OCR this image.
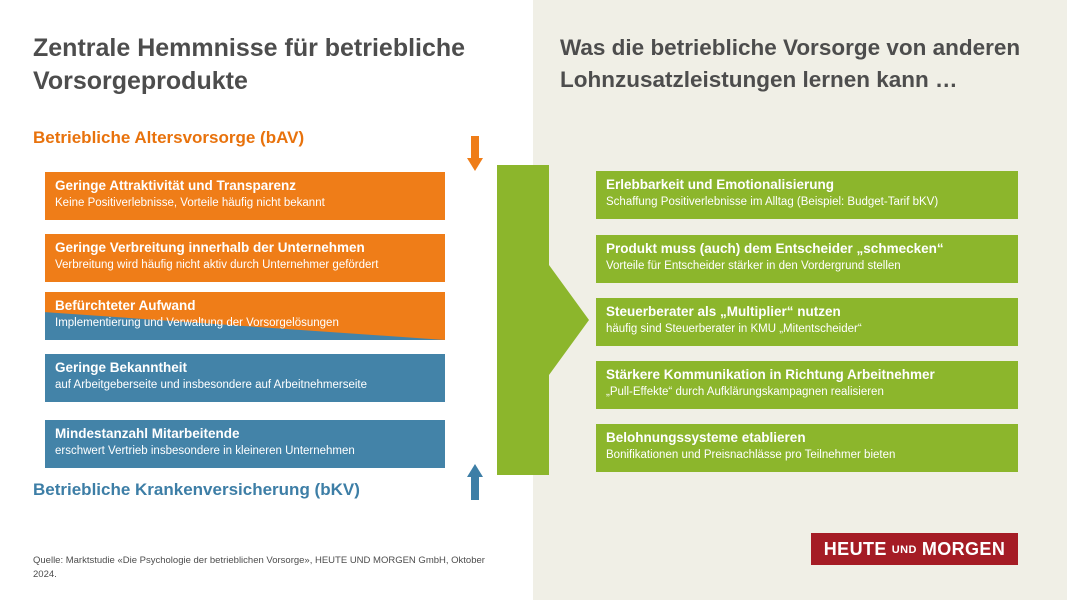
Zentrale Hemmnisse für betriebliche Vorsorgeprodukte
Betriebliche Altersvorsorge (bAV)
Geringe Attraktivität und Transparenz
Keine Positiverlebnisse, Vorteile häufig nicht bekannt
Geringe Verbreitung innerhalb der Unternehmen
Verbreitung wird häufig nicht aktiv durch Unternehmer gefördert
Befürchteter Aufwand
Implementierung und Verwaltung der Vorsorgelösungen
Geringe Bekanntheit
auf Arbeitgeberseite und insbesondere auf Arbeitnehmerseite
Mindestanzahl Mitarbeitende
erschwert Vertrieb insbesondere in kleineren Unternehmen
Betriebliche Krankenversicherung (bKV)
Quelle: Marktstudie «Die Psychologie der betrieblichen Vorsorge», HEUTE UND MORGEN GmbH, Oktober 2024.
Was die betriebliche Vorsorge von anderen Lohnzusatzleistungen lernen kann …
Erlebbarkeit und Emotionalisierung
Schaffung Positiverlebnisse im Alltag (Beispiel: Budget-Tarif bKV)
Produkt muss (auch) dem Entscheider „schmecken“
Vorteile für Entscheider stärker in den Vordergrund stellen
Steuerberater als „Multiplier“ nutzen
häufig sind Steuerberater in KMU „Mitentscheider“
Stärkere Kommunikation in Richtung Arbeitnehmer
„Pull-Effekte“ durch Aufklärungskampagnen realisieren
Belohnungssysteme etablieren
Bonifikationen und Preisnachlässe pro Teilnehmer bieten
HEUTE UND MORGEN
